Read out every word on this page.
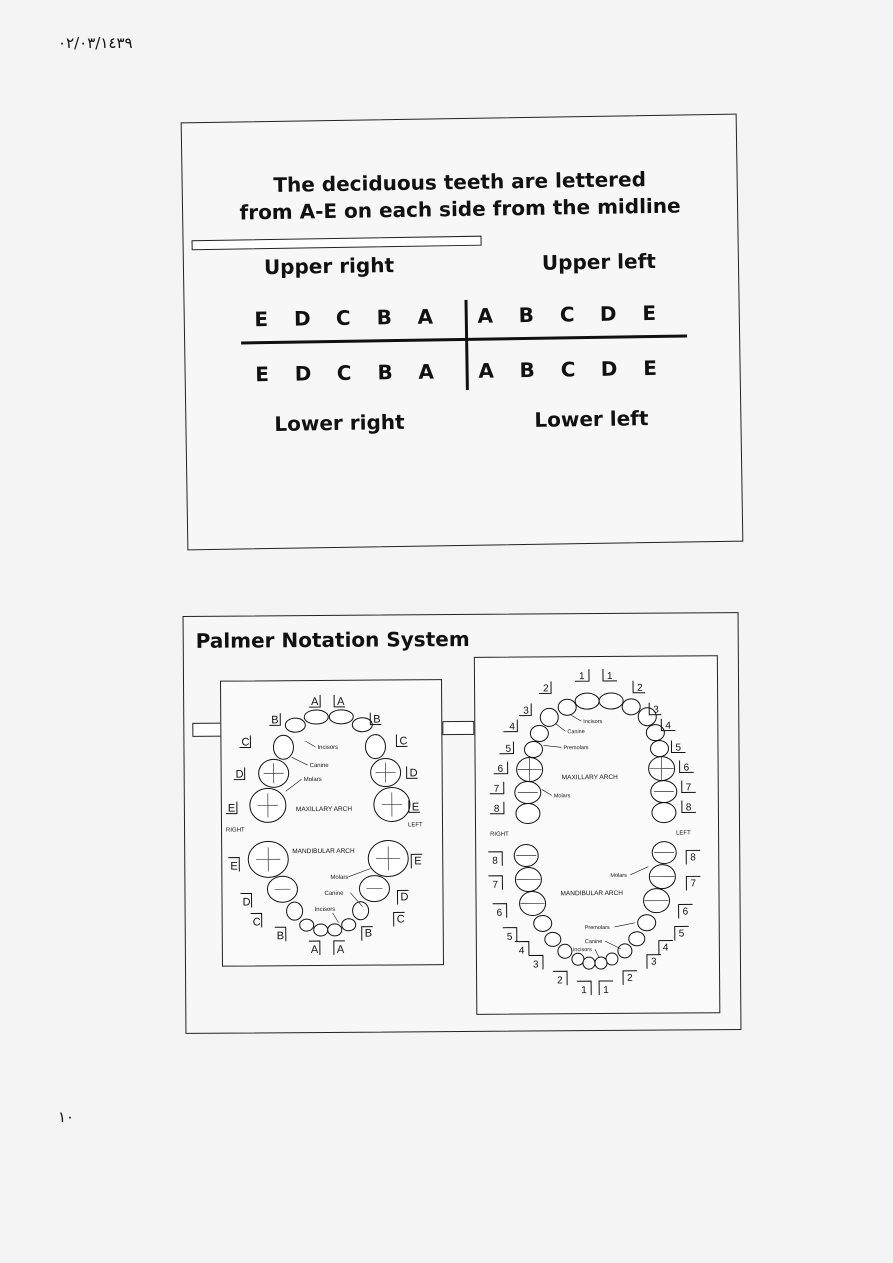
٠٢/٠٣/١٤٣٩
The deciduous teeth are lettered
from A-E on each side from the midline
Upper right	Upper left
E	D	C	B	A	A	B	C	D	E
E	D	C	B	A	A	B	C	D	E
Lower right	Lower left
Palmer Notation System
A A
B	B
C	C
D	D
E	E
E	E
D	D
C	C
B	B
A A
Incisors
Canine
Molars
MAXILLARY ARCH
RIGHT
LEFT
MANDIBULAR ARCH
Molars
Canine
Incisors
1 1
2	2
3	3
4	4
5	5
6	6
7	7
8	8
8	8
7	7
6	6
5	5
4	4
3	3
2	2
1 1
Incisors
Canine
Premolars
MAXILLARY ARCH
Molars
RIGHT	LEFT
Molars
MANDIBULAR ARCH
Premolars
Canine
Incisors
١٠
